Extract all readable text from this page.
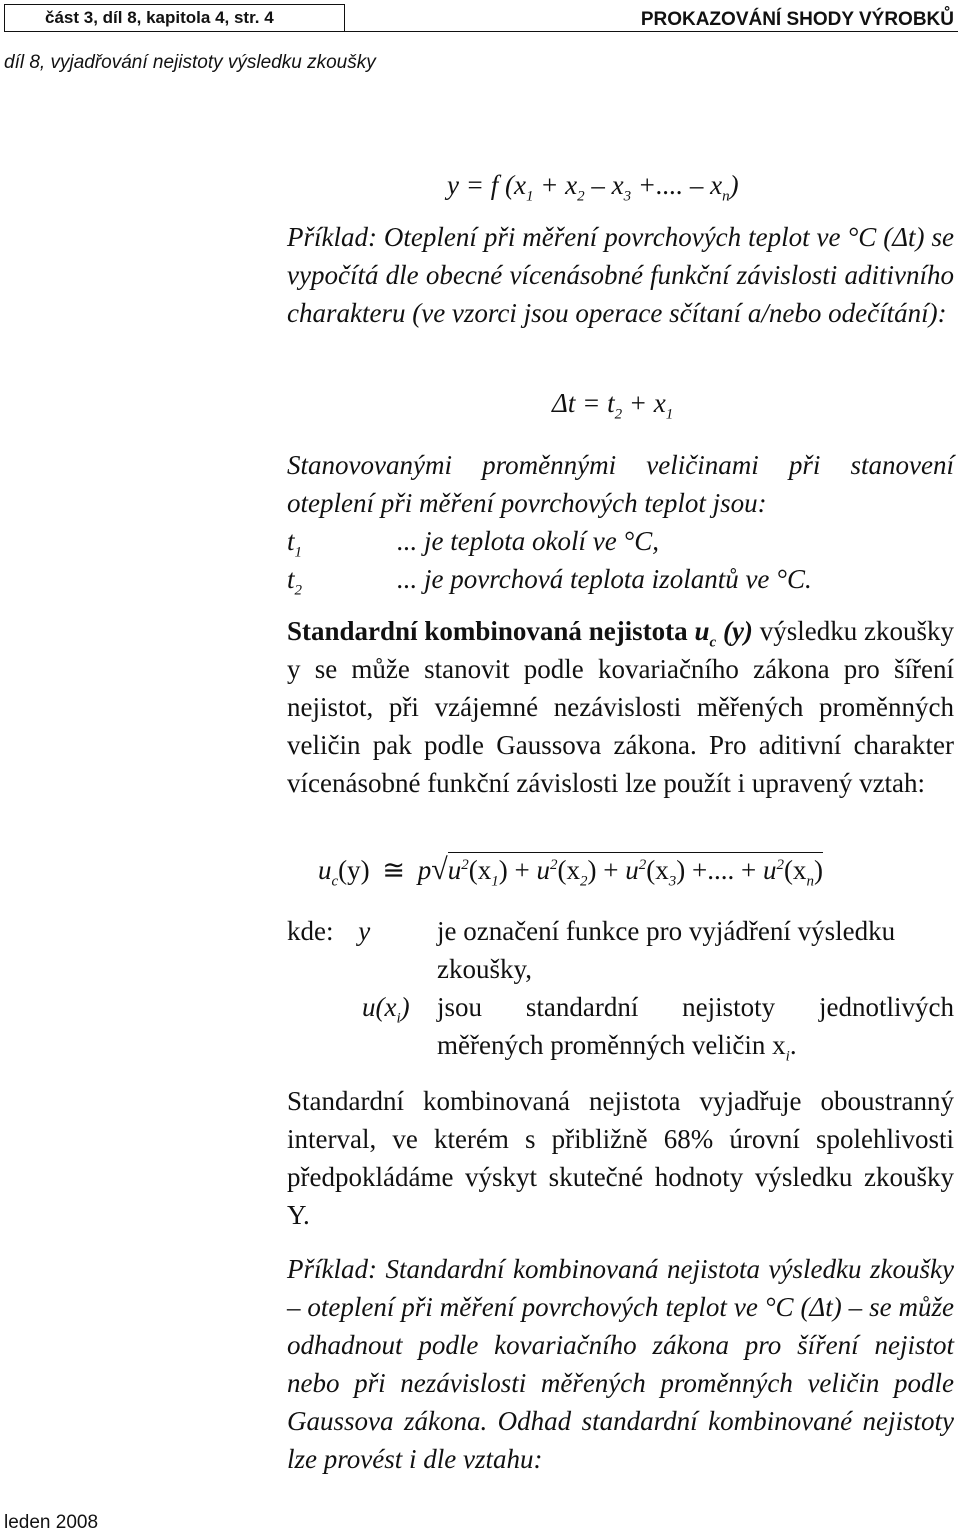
část 3, díl 8, kapitola 4, str. 4	PROKAZOVÁNÍ SHODY VÝROBKŮ
díl 8, vyjadřování nejistoty výsledku zkoušky
y = f ($x_1 + x_2 - x_3$ +.... – $x_n$)
Příklad: Oteplení při měření povrchových teplot ve °C (Δt) se vypočítá dle obecné vícenásobné funkční závislosti aditivního charakteru (ve vzorci jsou operace sčítaní a/nebo odečítání):
$\Delta t = t_2 + x_1$
Stanovovanými proměnnými veličinami při stanovení oteplení při měření povrchových teplot jsou:
$t_1$	... je teplota okolí ve °C,
$t_2$	... je povrchová teplota izolantů ve °C.
Standardní kombinovaná nejistota $u_c$ (y) výsledku zkoušky y se může stanovit podle kovariačního zákona pro šíření nejistot, při vzájemné nezávislosti měřených proměnných veličin pak podle Gaussova zákona. Pro aditivní charakter vícenásobné funkční závislosti lze použít i upravený vztah:
$u_c(y)$ ≅ $p√u^2(x_1) + u^2(x_2) + u^2(x_3)$ +.... + $u^2(x_n)$
kde: y	je označení funkce pro vyjádření výsledku zkoušky,
$u(x_i)$	jsou standardní nejistoty jednotlivých měřených proměnných veličin $x_i$.
Standardní kombinovaná nejistota vyjadřuje oboustranný interval, ve kterém s přibližně 68% úrovní spolehlivosti předpokládáme výskyt skutečné hodnoty výsledku zkoušky Y.
Příklad: Standardní kombinovaná nejistota výsledku zkoušky – oteplení při měření povrchových teplot ve °C (Δt) – se může odhadnout podle kovariačního zákona pro šíření nejistot nebo při nezávislosti měřených proměnných veličin podle Gaussova zákona. Odhad standardní kombinované nejistoty lze provést i dle vztahu:
leden 2008
